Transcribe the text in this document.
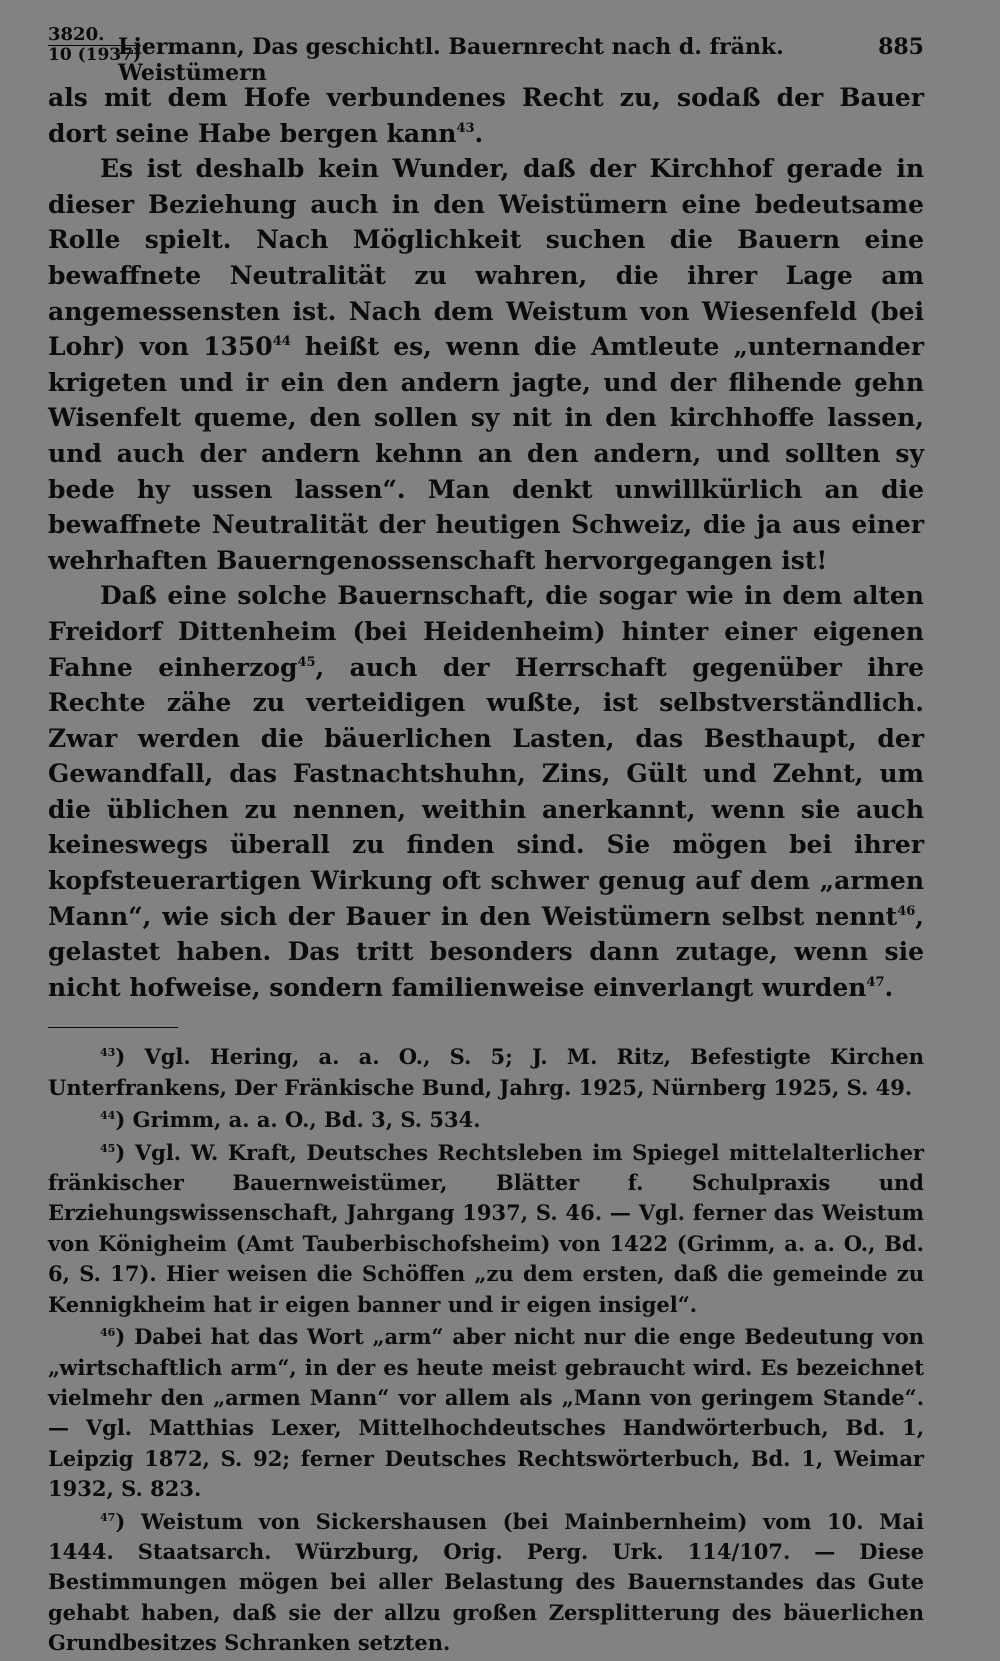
3820.
10 (1937)
Liermann, Das geschichtl. Bauernrecht nach d. fränk. Weistümern
885

als mit dem Hofe verbundenes Recht zu, sodaß der Bauer dort seine Habe bergen kann$^{43}$.

Es ist deshalb kein Wunder, daß der Kirchhof gerade in dieser Beziehung auch in den Weistümern eine bedeutsame Rolle spielt. Nach Möglichkeit suchen die Bauern eine bewaffnete Neutralität zu wahren, die ihrer Lage am angemessensten ist. Nach dem Weistum von Wiesenfeld (bei Lohr) von 1350$^{44}$ heißt es, wenn die Amtleute „unternander krigeten und ir ein den andern jagte, und der flihende gehn Wisenfelt queme, den sollen sy nit in den kirchhoffe lassen, und auch der andern kehnn an den andern, und sollten sy bede hy ussen lassen“. Man denkt unwillkürlich an die bewaffnete Neutralität der heutigen Schweiz, die ja aus einer wehrhaften Bauerngenossenschaft hervorgegangen ist!

Daß eine solche Bauernschaft, die sogar wie in dem alten Freidorf Dittenheim (bei Heidenheim) hinter einer eigenen Fahne einherzog$^{45}$, auch der Herrschaft gegenüber ihre Rechte zähe zu verteidigen wußte, ist selbstverständlich. Zwar werden die bäuerlichen Lasten, das Besthaupt, der Gewandfall, das Fastnachtshuhn, Zins, Gült und Zehnt, um die üblichen zu nennen, weithin anerkannt, wenn sie auch keineswegs überall zu finden sind. Sie mögen bei ihrer kopfsteuerartigen Wirkung oft schwer genug auf dem „armen Mann“, wie sich der Bauer in den Weistümern selbst nennt$^{46}$, gelastet haben. Das tritt besonders dann zutage, wenn sie nicht hofweise, sondern familienweise einverlangt wurden$^{47}$.

$^{43}$) Vgl. Hering, a. a. O., S. 5; J. M. Ritz, Befestigte Kirchen Unterfrankens, Der Fränkische Bund, Jahrg. 1925, Nürnberg 1925, S. 49.

$^{44}$) Grimm, a. a. O., Bd. 3, S. 534.

$^{45}$) Vgl. W. Kraft, Deutsches Rechtsleben im Spiegel mittelalterlicher fränkischer Bauernweistümer, Blätter f. Schulpraxis und Erziehungswissenschaft, Jahrgang 1937, S. 46. — Vgl. ferner das Weistum von Königheim (Amt Tauberbischofsheim) von 1422 (Grimm, a. a. O., Bd. 6, S. 17). Hier weisen die Schöffen „zu dem ersten, daß die gemeinde zu Kennigkheim hat ir eigen banner und ir eigen insigel“.

$^{46}$) Dabei hat das Wort „arm“ aber nicht nur die enge Bedeutung von „wirtschaftlich arm“, in der es heute meist gebraucht wird. Es bezeichnet vielmehr den „armen Mann“ vor allem als „Mann von geringem Stande“. — Vgl. Matthias Lexer, Mittelhochdeutsches Handwörterbuch, Bd. 1, Leipzig 1872, S. 92; ferner Deutsches Rechtswörterbuch, Bd. 1, Weimar 1932, S. 823.

$^{47}$) Weistum von Sickershausen (bei Mainbernheim) vom 10. Mai 1444. Staatsarch. Würzburg, Orig. Perg. Urk. 114/107. — Diese Bestimmungen mögen bei aller Belastung des Bauernstandes das Gute gehabt haben, daß sie der allzu großen Zersplitterung des bäuerlichen Grundbesitzes Schranken setzten.
